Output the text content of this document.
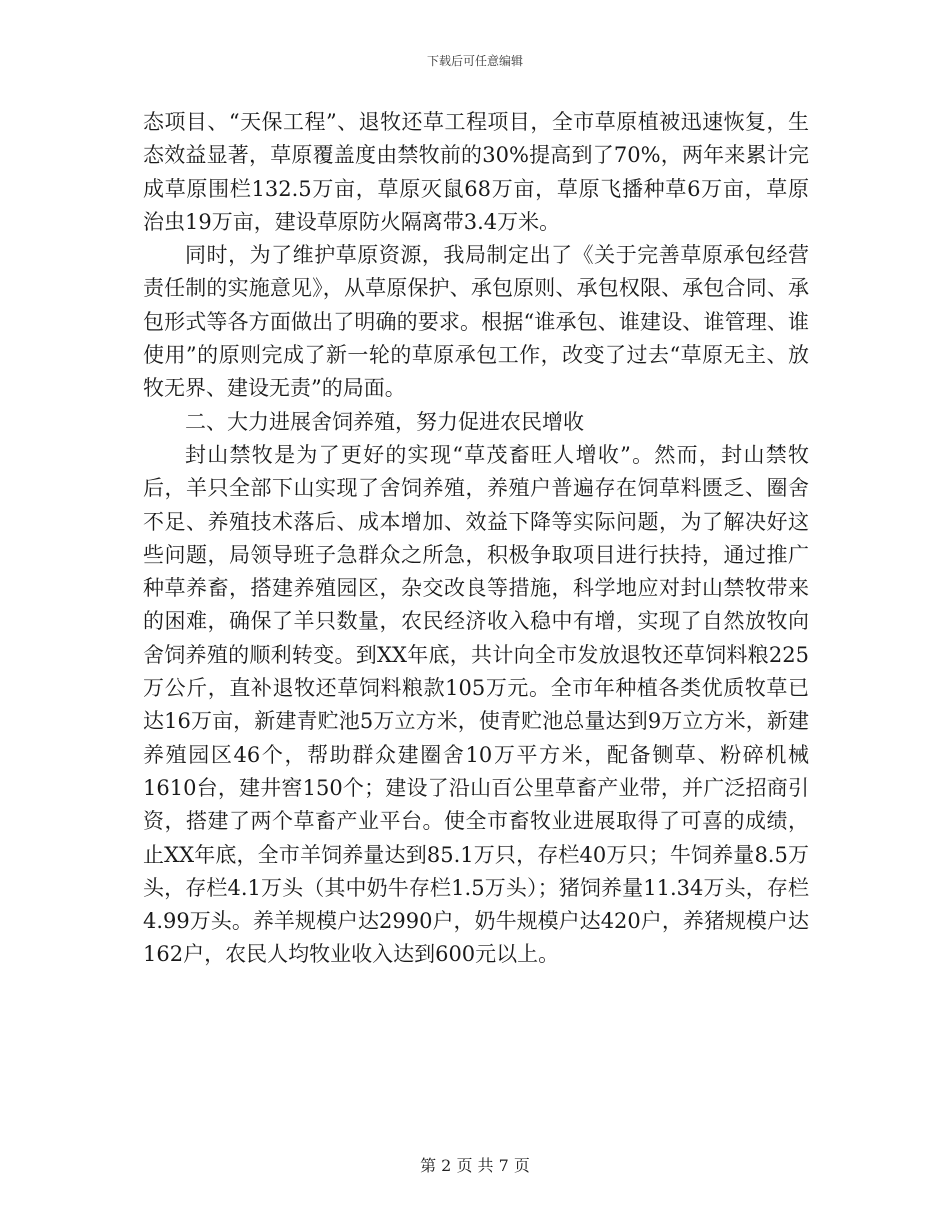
下载后可任意编辑

态项目、“天保工程”、退牧还草工程项目，全市草原植被迅速恢复，生态效益显著，草原覆盖度由禁牧前的30%提高到了70%，两年来累计完成草原围栏132.5万亩，草原灭鼠68万亩，草原飞播种草6万亩，草原治虫19万亩，建设草原防火隔离带3.4万米。

同时，为了维护草原资源，我局制定出了《关于完善草原承包经营责任制的实施意见》，从草原保护、承包原则、承包权限、承包合同、承包形式等各方面做出了明确的要求。根据“谁承包、谁建设、谁管理、谁使用”的原则完成了新一轮的草原承包工作，改变了过去“草原无主、放牧无界、建设无责”的局面。

二、大力进展舍饲养殖，努力促进农民增收

封山禁牧是为了更好的实现“草茂畜旺人增收”。然而，封山禁牧后，羊只全部下山实现了舍饲养殖，养殖户普遍存在饲草料匮乏、圈舍不足、养殖技术落后、成本增加、效益下降等实际问题，为了解决好这些问题，局领导班子急群众之所急，积极争取项目进行扶持，通过推广种草养畜，搭建养殖园区，杂交改良等措施，科学地应对封山禁牧带来的困难，确保了羊只数量，农民经济收入稳中有增，实现了自然放牧向舍饲养殖的顺利转变。到XX年底，共计向全市发放退牧还草饲料粮225万公斤，直补退牧还草饲料粮款105万元。全市年种植各类优质牧草已达16万亩，新建青贮池5万立方米，使青贮池总量达到9万立方米，新建养殖园区46个，帮助群众建圈舍10万平方米，配备铡草、粉碎机械1610台，建井窖150个；建设了沿山百公里草畜产业带，并广泛招商引资，搭建了两个草畜产业平台。使全市畜牧业进展取得了可喜的成绩，止XX年底，全市羊饲养量达到85.1万只，存栏40万只；牛饲养量8.5万头，存栏4.1万头（其中奶牛存栏1.5万头）；猪饲养量11.34万头，存栏4.99万头。养羊规模户达2990户，奶牛规模户达420户，养猪规模户达162户，农民人均牧业收入达到600元以上。

第 2 页 共 7 页
